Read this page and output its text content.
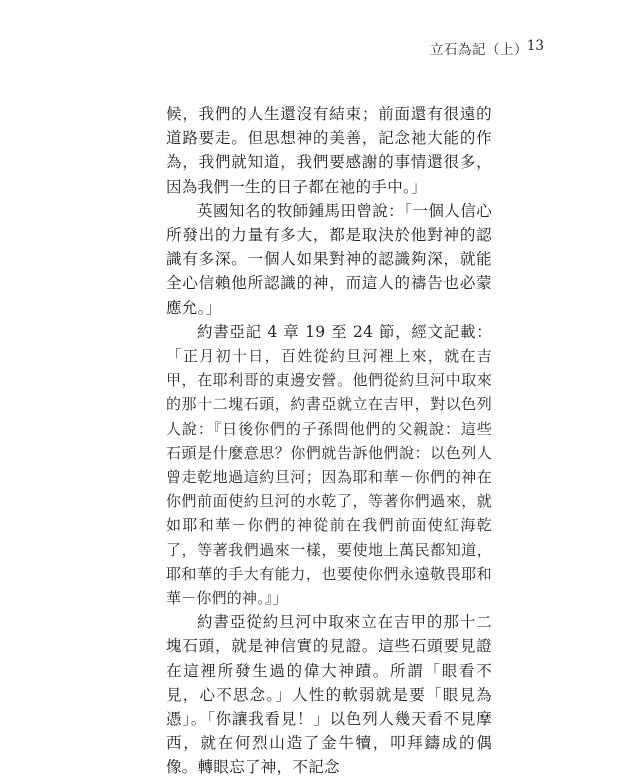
立石為記（上）
13

候，我們的人生還沒有結束；前面還有很遠的道路要走。但思想神的美善，記念祂大能的作為，我們就知道，我們要感謝的事情還很多，因為我們一生的日子都在祂的手中。」

英國知名的牧師鍾馬田曾說：「一個人信心所發出的力量有多大，都是取決於他對神的認識有多深。一個人如果對神的認識夠深，就能全心信賴他所認識的神，而這人的禱告也必蒙應允。」

約書亞記 4 章 19 至 24 節，經文記載：「正月初十日，百姓從約旦河裡上來，就在吉甲，在耶利哥的東邊安營。他們從約旦河中取來的那十二塊石頭，約書亞就立在吉甲，對以色列人說：『日後你們的子孫問他們的父親說：這些石頭是什麼意思？你們就告訴他們說：以色列人曾走乾地過這約旦河；因為耶和華－你們的神在你們前面使約旦河的水乾了，等著你們過來，就如耶和華－你們的神從前在我們前面使紅海乾了，等著我們過來一樣，要使地上萬民都知道，耶和華的手大有能力，也要使你們永遠敬畏耶和華－你們的神。』」

約書亞從約旦河中取來立在吉甲的那十二塊石頭，就是神信實的見證。這些石頭要見證在這裡所發生過的偉大神蹟。所謂「眼看不見，心不思念。」人性的軟弱就是要「眼見為憑」。「你讓我看見！」以色列人幾天看不見摩西，就在何烈山造了金牛犢，叩拜鑄成的偶像。轉眼忘了神，不記念
